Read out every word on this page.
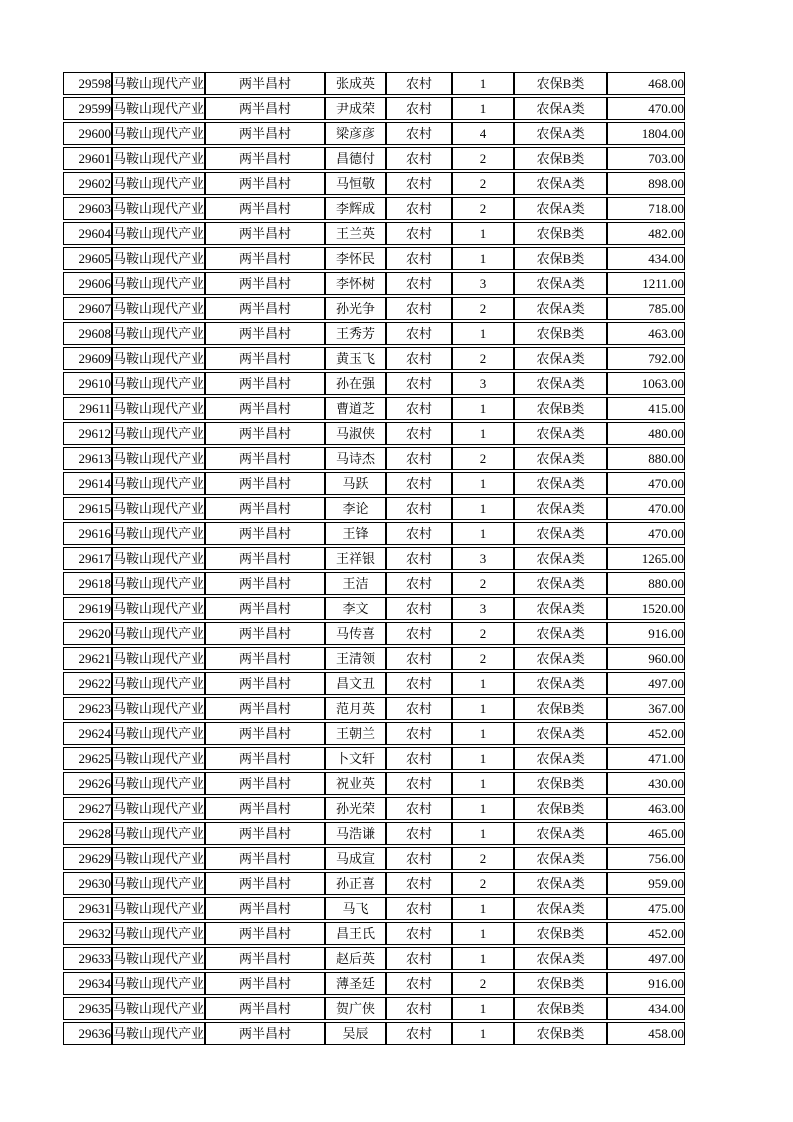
29598	马鞍山现代产业	两半昌村	张成英	农村	1	农保B类	468.00
29599	马鞍山现代产业	两半昌村	尹成荣	农村	1	农保A类	470.00
29600	马鞍山现代产业	两半昌村	梁彦彦	农村	4	农保A类	1804.00
29601	马鞍山现代产业	两半昌村	昌德付	农村	2	农保B类	703.00
29602	马鞍山现代产业	两半昌村	马恒敬	农村	2	农保A类	898.00
29603	马鞍山现代产业	两半昌村	李辉成	农村	2	农保A类	718.00
29604	马鞍山现代产业	两半昌村	王兰英	农村	1	农保B类	482.00
29605	马鞍山现代产业	两半昌村	李怀民	农村	1	农保B类	434.00
29606	马鞍山现代产业	两半昌村	李怀树	农村	3	农保A类	1211.00
29607	马鞍山现代产业	两半昌村	孙光争	农村	2	农保A类	785.00
29608	马鞍山现代产业	两半昌村	王秀芳	农村	1	农保B类	463.00
29609	马鞍山现代产业	两半昌村	黄玉飞	农村	2	农保A类	792.00
29610	马鞍山现代产业	两半昌村	孙在强	农村	3	农保A类	1063.00
29611	马鞍山现代产业	两半昌村	曹道芝	农村	1	农保B类	415.00
29612	马鞍山现代产业	两半昌村	马淑侠	农村	1	农保A类	480.00
29613	马鞍山现代产业	两半昌村	马诗杰	农村	2	农保A类	880.00
29614	马鞍山现代产业	两半昌村	马跃	农村	1	农保A类	470.00
29615	马鞍山现代产业	两半昌村	李论	农村	1	农保A类	470.00
29616	马鞍山现代产业	两半昌村	王锋	农村	1	农保A类	470.00
29617	马鞍山现代产业	两半昌村	王祥银	农村	3	农保A类	1265.00
29618	马鞍山现代产业	两半昌村	王洁	农村	2	农保A类	880.00
29619	马鞍山现代产业	两半昌村	李文	农村	3	农保A类	1520.00
29620	马鞍山现代产业	两半昌村	马传喜	农村	2	农保A类	916.00
29621	马鞍山现代产业	两半昌村	王清领	农村	2	农保A类	960.00
29622	马鞍山现代产业	两半昌村	昌文丑	农村	1	农保A类	497.00
29623	马鞍山现代产业	两半昌村	范月英	农村	1	农保B类	367.00
29624	马鞍山现代产业	两半昌村	王朝兰	农村	1	农保A类	452.00
29625	马鞍山现代产业	两半昌村	卜文轩	农村	1	农保A类	471.00
29626	马鞍山现代产业	两半昌村	祝业英	农村	1	农保B类	430.00
29627	马鞍山现代产业	两半昌村	孙光荣	农村	1	农保B类	463.00
29628	马鞍山现代产业	两半昌村	马浩谦	农村	1	农保A类	465.00
29629	马鞍山现代产业	两半昌村	马成宣	农村	2	农保A类	756.00
29630	马鞍山现代产业	两半昌村	孙正喜	农村	2	农保A类	959.00
29631	马鞍山现代产业	两半昌村	马飞	农村	1	农保A类	475.00
29632	马鞍山现代产业	两半昌村	昌王氏	农村	1	农保B类	452.00
29633	马鞍山现代产业	两半昌村	赵后英	农村	1	农保A类	497.00
29634	马鞍山现代产业	两半昌村	薄圣廷	农村	2	农保B类	916.00
29635	马鞍山现代产业	两半昌村	贺广侠	农村	1	农保B类	434.00
29636	马鞍山现代产业	两半昌村	吴辰	农村	1	农保B类	458.00
